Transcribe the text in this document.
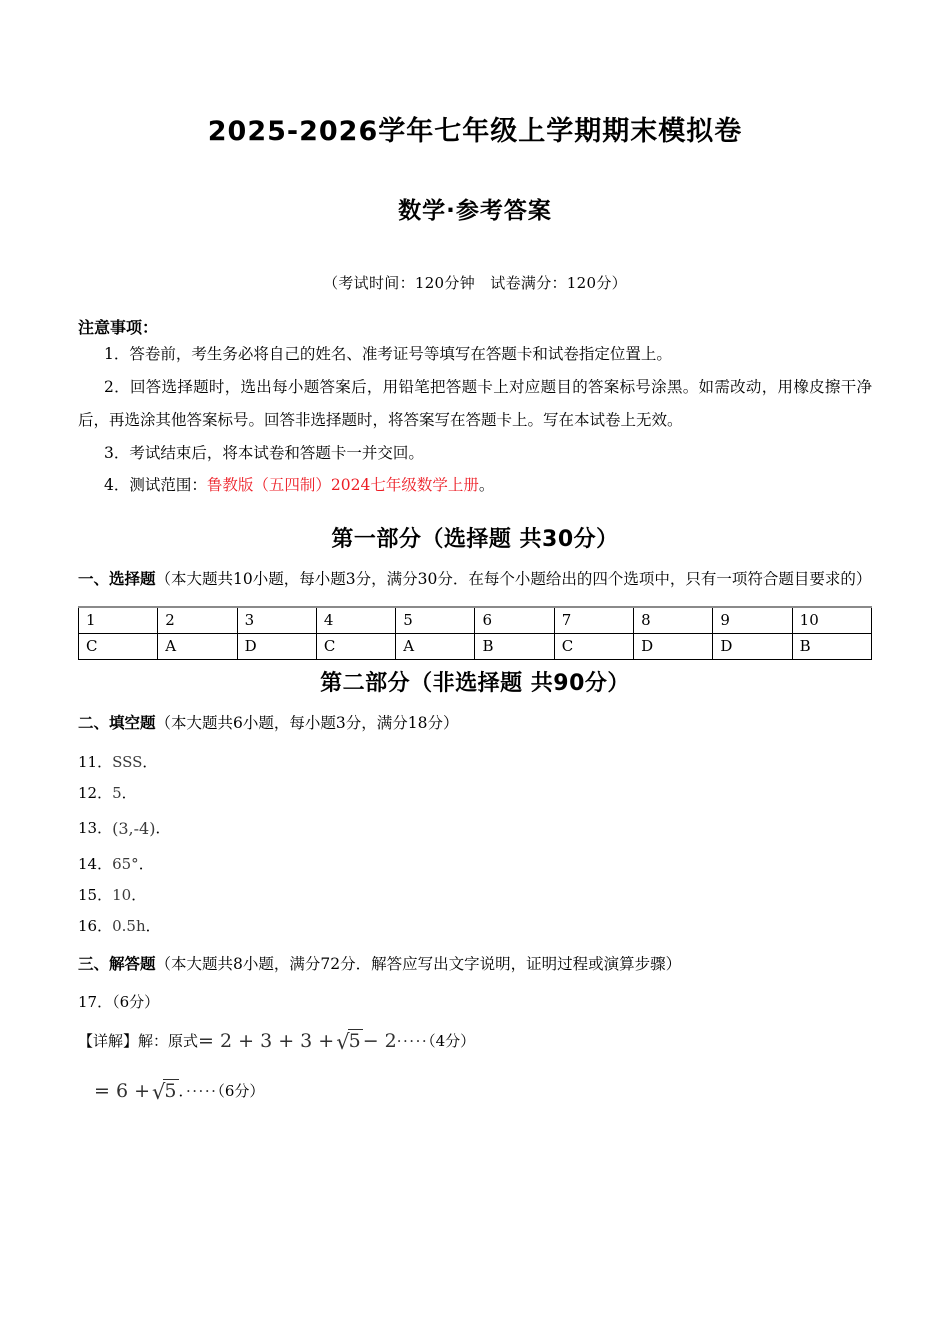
2025-2026学年七年级上学期期末模拟卷
数学·参考答案

（考试时间：120分钟　试卷满分：120分）

注意事项：

1．答卷前，考生务必将自己的姓名、准考证号等填写在答题卡和试卷指定位置上。
2．回答选择题时，选出每小题答案后，用铅笔把答题卡上对应题目的答案标号涂黑。如需改动，用橡皮擦干净后，再选涂其他答案标号。回答非选择题时，将答案写在答题卡上。写在本试卷上无效。
3．考试结束后，将本试卷和答题卡一并交回。
4．测试范围：鲁教版（五四制）2024七年级数学上册。
第一部分（选择题 共30分）

一、选择题（本大题共10小题，每小题3分，满分30分．在每个小题给出的四个选项中，只有一项符合题目要求的）

1	2	3	4	5	6	7	8	9	10
C	A	D	C	A	B	C	D	D	B
第二部分（非选择题 共90分）

二、填空题（本大题共6小题，每小题3分，满分18分）

11．SSS．
12．5．
13．(3,-4)．
14．65°．
15．10．
16．0.5h．

三、解答题（本大题共8小题，满分72分．解答应写出文字说明，证明过程或演算步骤）

17．（6分）

【详解】解：原式= 2 + 3 + 3 +√5 − 2·····（4分）

= 6 +√5 ．·····（6分）
